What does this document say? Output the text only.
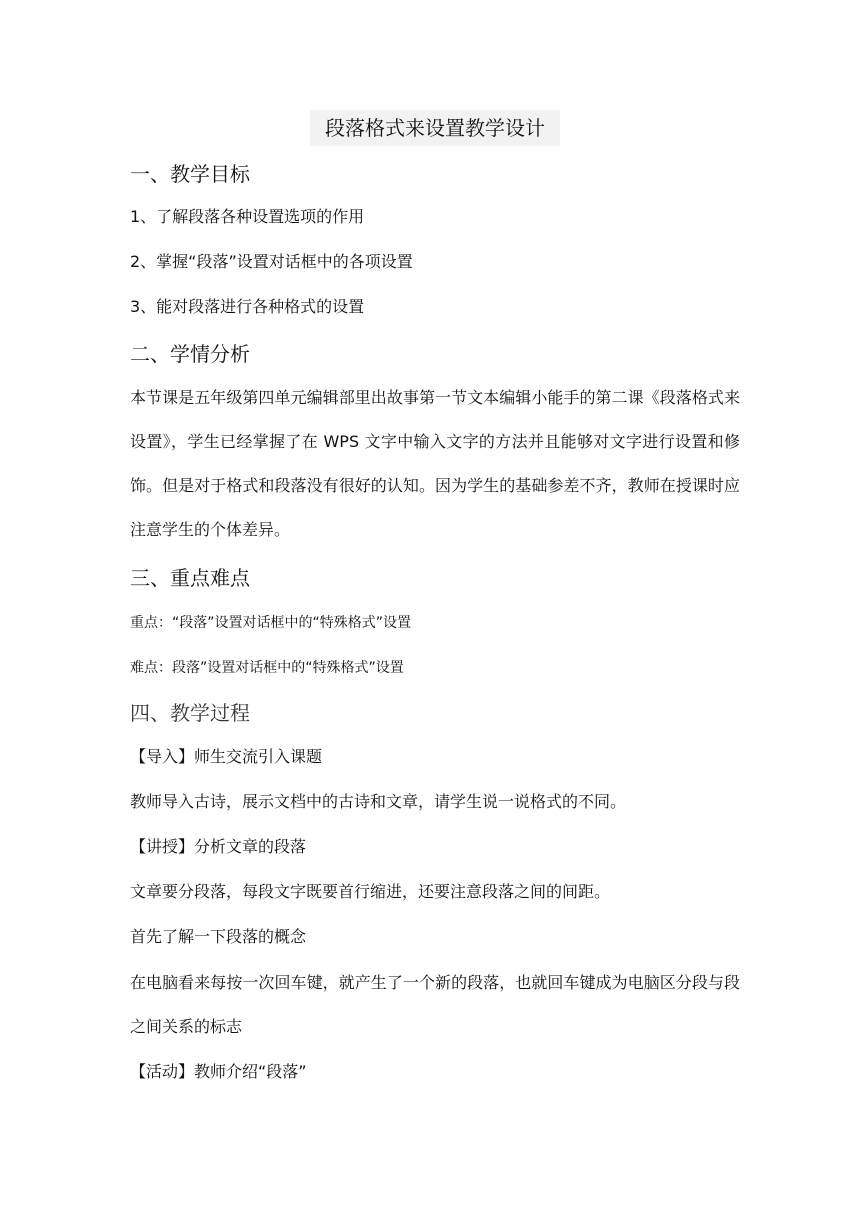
段落格式来设置教学设计
一、教学目标
1、了解段落各种设置选项的作用
2、掌握“段落”设置对话框中的各项设置
3、能对段落进行各种格式的设置
二、学情分析
本节课是五年级第四单元编辑部里出故事第一节文本编辑小能手的第二课《段落格式来设置》，学生已经掌握了在 WPS 文字中输入文字的方法并且能够对文字进行设置和修饰。但是对于格式和段落没有很好的认知。因为学生的基础参差不齐，教师在授课时应注意学生的个体差异。
三、重点难点
重点：“段落”设置对话框中的“特殊格式”设置
难点：段落”设置对话框中的“特殊格式”设置
四、教学过程
【导入】师生交流引入课题
教师导入古诗，展示文档中的古诗和文章，请学生说一说格式的不同。
【讲授】分析文章的段落
文章要分段落，每段文字既要首行缩进，还要注意段落之间的间距。
首先了解一下段落的概念
在电脑看来每按一次回车键，就产生了一个新的段落，也就回车键成为电脑区分段与段之间关系的标志
【活动】教师介绍“段落”
